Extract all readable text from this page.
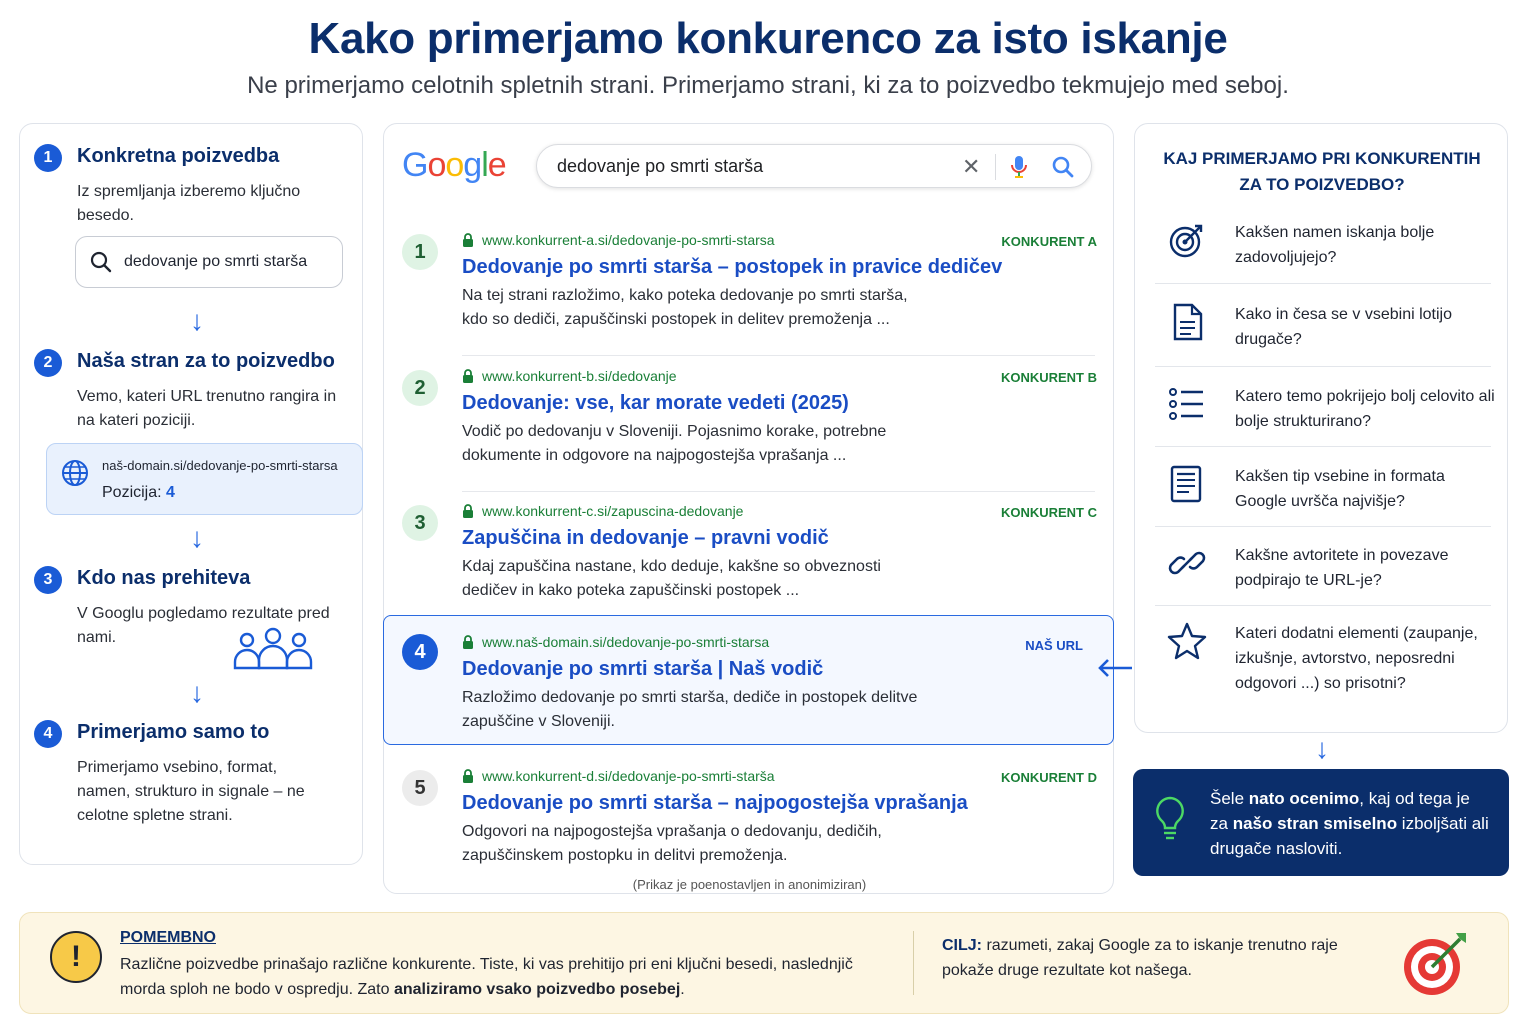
Kako primerjamo konkurenco za isto iskanje
Ne primerjamo celotnih spletnih strani. Primerjamo strani, ki za to poizvedbo tekmujejo med seboj.
1	Konkretna poizvedba
Iz spremljanja izberemo ključno besedo.
dedovanje po smrti starša
↓
2	Naša stran za to poizvedbo
Vemo, kateri URL trenutno rangira in na kateri poziciji.
naš-domain.si/dedovanje-po-smrti-starsa
Pozicija: 4
↓
3	Kdo nas prehiteva
V Googlu pogledamo rezultate pred nami.
↓
4	Primerjamo samo to
Primerjamo vsebino, format, namen, strukturo in signale – ne celotne spletne strani.
Google	dedovanje po smrti starša	✕
1
www.konkurrent-a.si/dedovanje-po-smrti-starsa	KONKURENT A
Dedovanje po smrti starša – postopek in pravice dedičev
Na tej strani razložimo, kako poteka dedovanje po smrti starša, kdo so dediči, zapuščinski postopek in delitev premoženja ...
2
www.konkurrent-b.si/dedovanje	KONKURENT B
Dedovanje: vse, kar morate vedeti (2025)
Vodič po dedovanju v Sloveniji. Pojasnimo korake, potrebne dokumente in odgovore na najpogostejša vprašanja ...
3
www.konkurrent-c.si/zapuscina-dedovanje	KONKURENT C
Zapuščina in dedovanje – pravni vodič
Kdaj zapuščina nastane, kdo deduje, kakšne so obveznosti dedičev in kako poteka zapuščinski postopek ...
4	www.naš-domain.si/dedovanje-po-smrti-starsa	NAŠ URL
Dedovanje po smrti starša | Naš vodič
Razložimo dedovanje po smrti starša, dediče in postopek delitve zapuščine v Sloveniji.
5
www.konkurrent-d.si/dedovanje-po-smrti-starša	KONKURENT D
Dedovanje po smrti starša – najpogostejša vprašanja
Odgovori na najpogostejša vprašanja o dedovanju, dedičih, zapuščinskem postopku in delitvi premoženja.
(Prikaz je poenostavljen in anonimiziran)
KAJ PRIMERJAMO PRI KONKURENTIH ZA TO POIZVEDBO?
Kakšen namen iskanja bolje zadovoljujejo?
Kako in česa se v vsebini lotijo drugače?
Katero temo pokrijejo bolj celovito ali bolje strukturirano?
Kakšen tip vsebine in formata Google uvršča najvišje?
Kakšne avtoritete in povezave podpirajo te URL-je?
Kateri dodatni elementi (zaupanje, izkušnje, avtorstvo, neposredni odgovori ...) so prisotni?
↓
Šele nato ocenimo, kaj od tega je za našo stran smiselno izboljšati ali drugače nasloviti.
!
POMEMBNO
Različne poizvedbe prinašajo različne konkurente. Tiste, ki vas prehitijo pri eni ključni besedi, naslednjič morda sploh ne bodo v ospredju. Zato analiziramo vsako poizvedbo posebej.
CILJ: razumeti, zakaj Google za to iskanje trenutno raje pokaže druge rezultate kot našega.
